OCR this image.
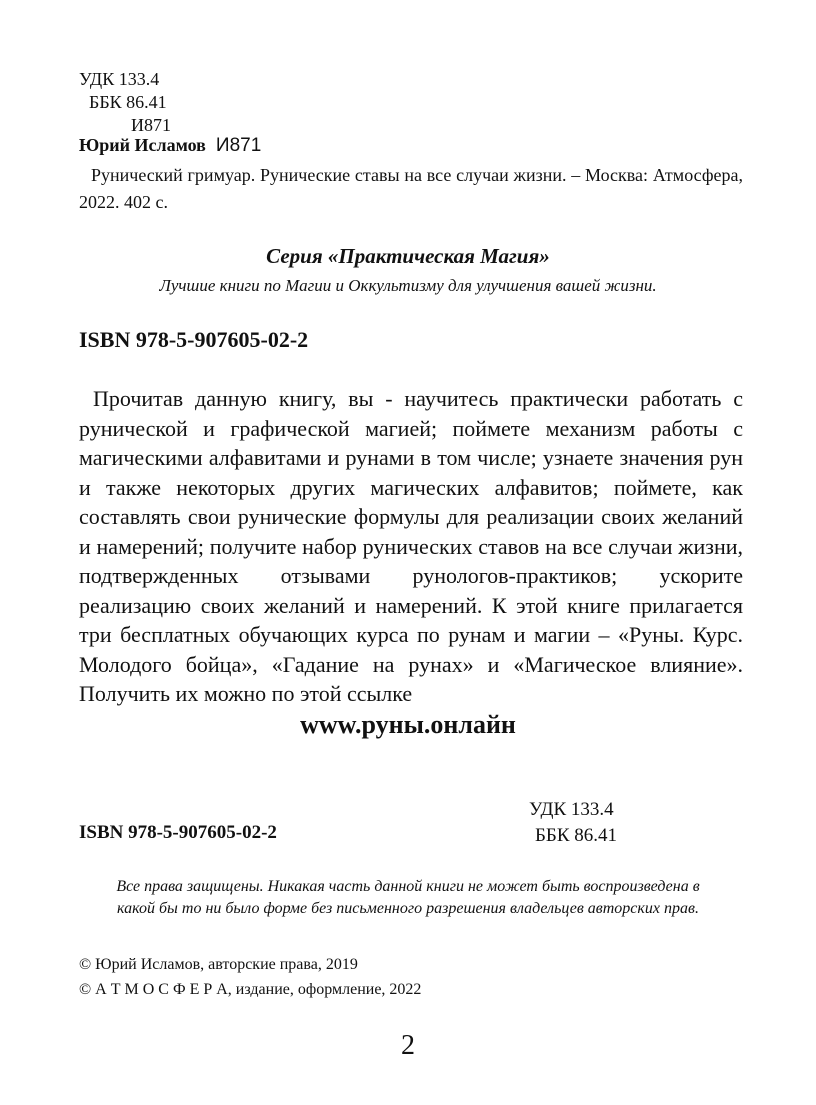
УДК 133.4
ББК 86.41
И871
Юрий Исламов И871
Рунический гримуар. Рунические ставы на все случаи жизни. – Москва: Атмосфера, 2022. 402 с.
Серия «Практическая Магия»
Лучшие книги по Магии и Оккультизму для улучшения вашей жизни.
ISBN 978-5-907605-02-2
Прочитав данную книгу, вы - научитесь практически работать с рунической и графической магией; поймете механизм работы с магическими алфавитами и рунами в том числе; узнаете значения рун и также некоторых других магических алфавитов; поймете, как составлять свои рунические формулы для реализации своих желаний и намерений; получите набор рунических ставов на все случаи жизни, подтвержденных отзывами рунологов-практиков; ускорите реализацию своих желаний и намерений. К этой книге прилагается три бесплатных обучающих курса по рунам и магии – «Руны. Курс. Молодого бойца», «Гадание на рунах» и «Магическое влияние». Получить их можно по этой ссылке
www.руны.онлайн
ISBN 978-5-907605-02-2
УДК 133.4
ББК 86.41
Все права защищены. Никакая часть данной книги не может быть воспроизведена в
какой бы то ни было форме без письменного разрешения владельцев авторских прав.
© Юрий Исламов, авторские права, 2019
© А Т М О С Ф Е Р А, издание, оформление, 2022
2
